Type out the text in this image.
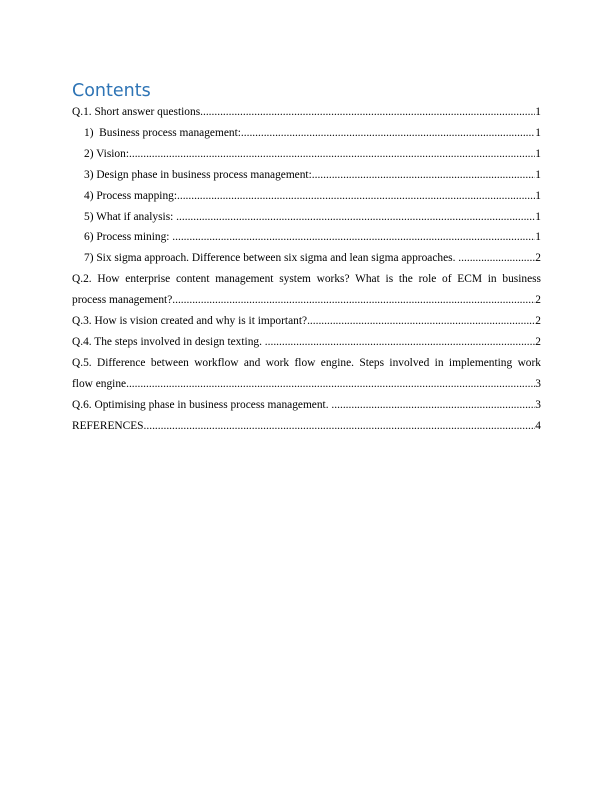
Contents
Q.1. Short answer questions .....	1
1)  Business process management: .....	1
2) Vision: .....	1
3) Design phase in business process management: .....	1
4) Process mapping: .....	1
5) What if analysis: .....	1
6) Process mining: .....	1
7) Six sigma approach. Difference between six sigma and lean sigma approaches. .....	2
Q.2. How enterprise content management system works? What is the role of ECM in business
process management? .....	2
Q.3. How is vision created and why is it important? .....	2
Q.4. The steps involved in design texting. .....	2
Q.5. Difference between workflow and work flow engine. Steps involved in implementing work
flow engine .....	3
Q.6. Optimising phase in business process management. .....	3
REFERENCES .....	4
